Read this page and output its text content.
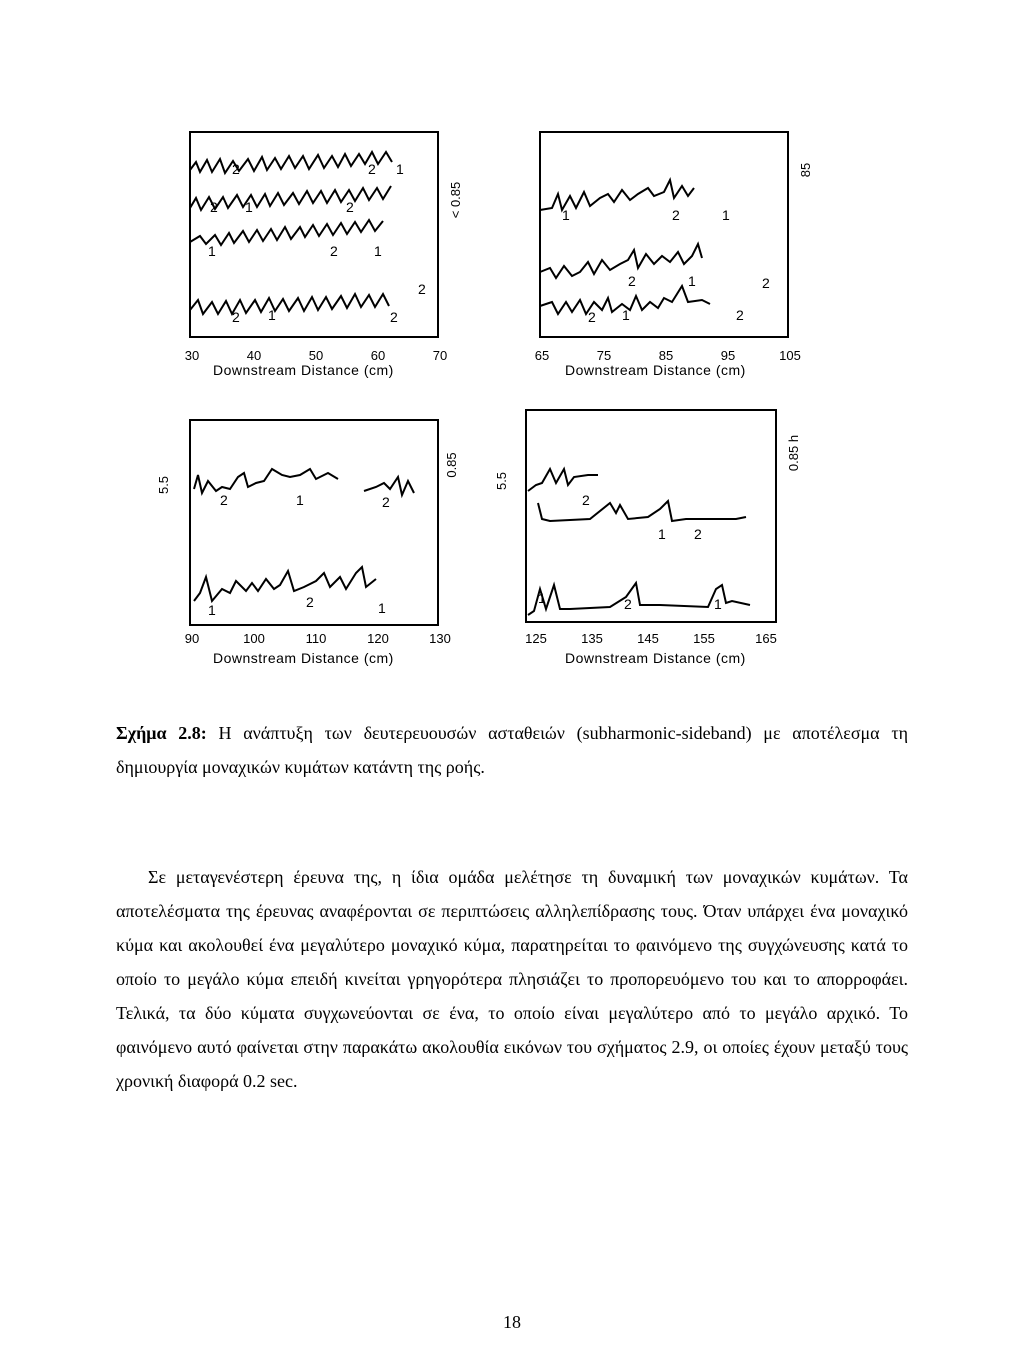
2
2 1
2
2
1
1	2	1
2
2 1	2
< 0.85
30	40	50	60	70
Downstream Distance (cm)
1	2	1
2	1	2
2 1	2
85
65	75	85	95	105
Downstream Distance (cm)
5.5
2	1	2
1	2	1
0.85
90	100	110	120	130
Downstream Distance (cm)
5.5
2
1 2
1	2	1
0.85 h
125	135	145	155	165
Downstream Distance (cm)
Σχήμα 2.8: Η ανάπτυξη των δευτερευουσών ασταθειών (subharmonic-sideband) με αποτέλεσμα τη δημιουργία μοναχικών κυμάτων κατάντη της ροής.
Σε μεταγενέστερη έρευνα της, η ίδια ομάδα μελέτησε τη δυναμική των μοναχικών κυμάτων. Τα αποτελέσματα της έρευνας αναφέρονται σε περιπτώσεις αλληλεπίδρασης τους. Όταν υπάρχει ένα μοναχικό κύμα και ακολουθεί ένα μεγαλύτερο μοναχικό κύμα, παρατηρείται το φαινόμενο της συγχώνευσης κατά το οποίο το μεγάλο κύμα επειδή κινείται γρηγορότερα πλησιάζει το προπορευόμενο του και το απορροφάει. Τελικά, τα δύο κύματα συγχωνεύονται σε ένα, το οποίο είναι μεγαλύτερο από το μεγάλο αρχικό. Το φαινόμενο αυτό φαίνεται στην παρακάτω ακολουθία εικόνων του σχήματος 2.9, οι οποίες έχουν μεταξύ τους χρονική διαφορά 0.2 sec.
18
